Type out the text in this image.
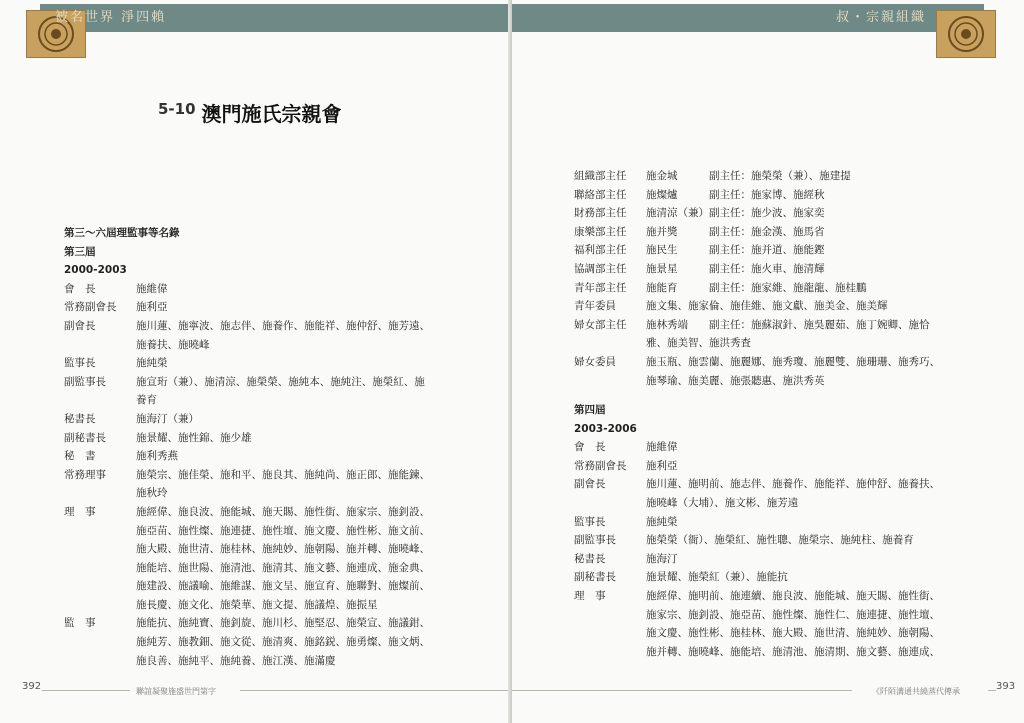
被名世界 淨四賴
5-10 澳門施氏宗親會
第三～六屆理監事等名錄
第三屆
2000-2003
會　長	施維偉
常務副會長	施利亞
副會長	施川蓮、施寧波、施志伴、施養作、施能祥、施仲舒、施芳遠、
施養扶、施曉峰
監事長	施純榮
副監事長	施宣珩（兼）、施清涼、施榮榮、施純本、施純注、施榮紅、施
養育
秘書長	施海汀（兼）
副秘書長	施景耀、施性錦、施少雄
秘　書	施利秀燕
常務理事	施榮宗、施佳榮、施和平、施良其、施純尚、施正郎、施能鍊、
施秋玲
理　事	施經偉、施良波、施能城、施天賜、施性街、施家宗、施釗設、
施亞苗、施性燦、施連捷、施性壇、施文慶、施性彬、施文前、
施大殿、施世清、施桂林、施純妙、施朝陽、施并轉、施曉峰、
施能培、施世陽、施清池、施清其、施文藝、施連成、施金典、
施建設、施議喻、施維謀、施文呈、施宣育、施聯對、施燦前、
施長慶、施文化、施榮華、施文提、施議煌、施振星
監　事	施能抗、施純寶、施釗旋、施川杉、施堅忍、施榮宣、施議鉗、
施純芳、施教鈿、施文從、施清爽、施銘鋭、施勇燦、施文炳、
施良善、施純平、施純養、施江漢、施滿慶
392	聯誼凝聚施盛世門第字
叔・宗親組織
組織部主任	施金城　　　副主任：施榮榮（兼）、施建提
聯絡部主任	施燦爐　　　副主任：施家博、施經秋
財務部主任	施清涼（兼）副主任：施少波、施家奕
康樂部主任	施并獎　　　副主任：施金漢、施馬省
福利部主任	施民生　　　副主任：施并道、施能鏗
協調部主任	施景星　　　副主任：施火車、施清輝
青年部主任	施能育　　　副主任：施家維、施龍龍、施桂鵬
青年委員	施文集、施家倫、施佳維、施文獻、施美金、施美輝
婦女部主任	施林秀端　　副主任：施蘇淑針、施吳麗茹、施丁婉卿、施恰
雅、施美智、施洪秀査
婦女委員	施玉瓶、施雲蘭、施麗娜、施秀瓊、施麗雙、施珊珊、施秀巧、
施琴瑜、施美麗、施張聽惠、施洪秀英
第四屆
2003-2006
會　長	施維偉
常務副會長	施利亞
副會長	施川蓮、施明前、施志伴、施養作、施能祥、施仲舒、施養扶、
施曉峰（大埔）、施文彬、施芳遠
監事長	施純榮
副監事長	施榮榮（衙）、施榮紅、施性聰、施榮宗、施純柱、施養育
秘書長	施海汀
副秘書長	施景耀、施榮紅（兼）、施能抗
理　事	施經偉、施明前、施連續、施良波、施能城、施天賜、施性街、
施家宗、施釗設、施亞苗、施性燦、施性仁、施連捷、施性壇、
施文慶、施性彬、施桂林、施大殿、施世清、施純妙、施朝陽、
施并轉、施曉峰、施能培、施清池、施清期、施文藝、施連成、
《阡陌溝通共繞蒸代傳承	393
